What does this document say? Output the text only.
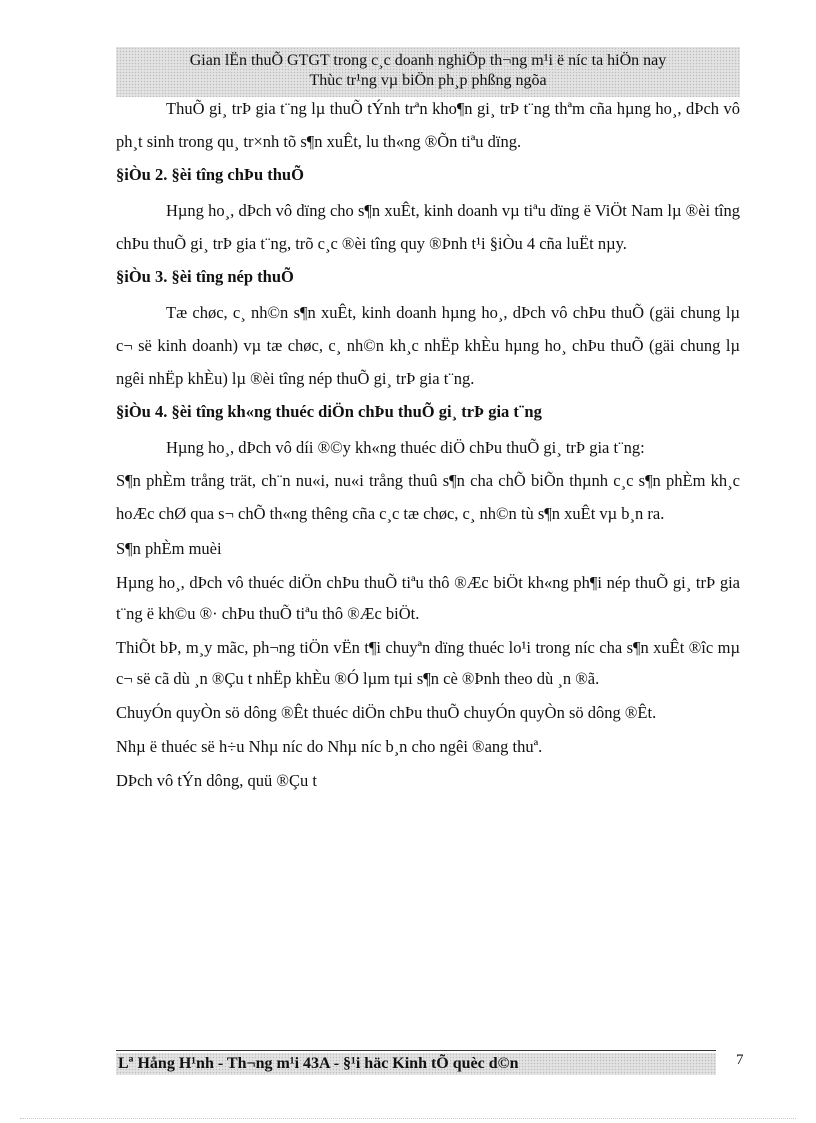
Gian lËn thuÕ GTGT trong c¸c doanh nghiÖp th¬ng m¹i ë níc ta hiÖn nay
Thùc tr¹ng vµ biÖn ph¸p phßng ngõa

ThuÕ gi¸ trÞ gia t¨ng lµ thuÕ tÝnh trªn kho¶n gi¸ trÞ t¨ng thªm cña hµng ho¸, dÞch vô ph¸t sinh trong qu¸ tr×nh tõ s¶n xuÊt, lu th«ng ®Õn tiªu dïng.

§iÒu 2. §èi tîng chÞu thuÕ

Hµng ho¸, dÞch vô dïng cho s¶n xuÊt, kinh doanh vµ tiªu dïng ë ViÖt Nam lµ ®èi tîng chÞu thuÕ gi¸ trÞ gia t¨ng, trõ c¸c ®èi tîng quy ®Þnh t¹i §iÒu 4 cña luËt nµy.

§iÒu 3. §èi tîng nép thuÕ

Tæ chøc, c¸ nh©n s¶n xuÊt, kinh doanh hµng ho¸, dÞch vô chÞu thuÕ (gäi chung lµ c¬ së kinh doanh) vµ tæ chøc, c¸ nh©n kh¸c nhËp khÈu hµng ho¸ chÞu thuÕ (gäi chung lµ ngêi nhËp khÈu) lµ ®èi tîng nép thuÕ gi¸ trÞ gia t¨ng.

§iÒu 4. §èi tîng kh«ng thuéc diÖn chÞu thuÕ gi¸ trÞ gia t¨ng

Hµng ho¸, dÞch vô díi ®©y kh«ng thuéc diÖ chÞu thuÕ gi¸ trÞ gia t¨ng:

S¶n phÈm trång trät, ch¨n nu«i, nu«i trång thuû s¶n cha chÕ biÕn thµnh c¸c s¶n phÈm kh¸c hoÆc chØ qua s¬ chÕ th«ng thêng cña c¸c tæ chøc, c¸ nh©n tù s¶n xuÊt vµ b¸n ra.

S¶n phÈm muèi

Hµng ho¸, dÞch vô thuéc diÖn chÞu thuÕ tiªu thô ®Æc biÖt kh«ng ph¶i nép thuÕ gi¸ trÞ gia t¨ng ë kh©u ®· chÞu thuÕ tiªu thô ®Æc biÖt.

ThiÕt bÞ, m¸y mãc, ph¬ng tiÖn vËn t¶i chuyªn dïng thuéc lo¹i trong níc cha s¶n xuÊt ®îc mµ c¬ së cã dù ¸n ®Çu t nhËp khÈu ®Ó lµm tµi s¶n cè ®Þnh theo dù ¸n ®ã.

ChuyÓn quyÒn sö dông ®Êt thuéc diÖn chÞu thuÕ chuyÓn quyÒn sö dông ®Êt.

Nhµ ë thuéc së h÷u Nhµ níc do Nhµ níc b¸n cho ngêi ®ang thuª.

DÞch vô tÝn dông, quü ®Çu t

Lª Hång H¹nh - Th¬ng m¹i 43A - §¹i häc Kinh tÕ quèc d©n	7
